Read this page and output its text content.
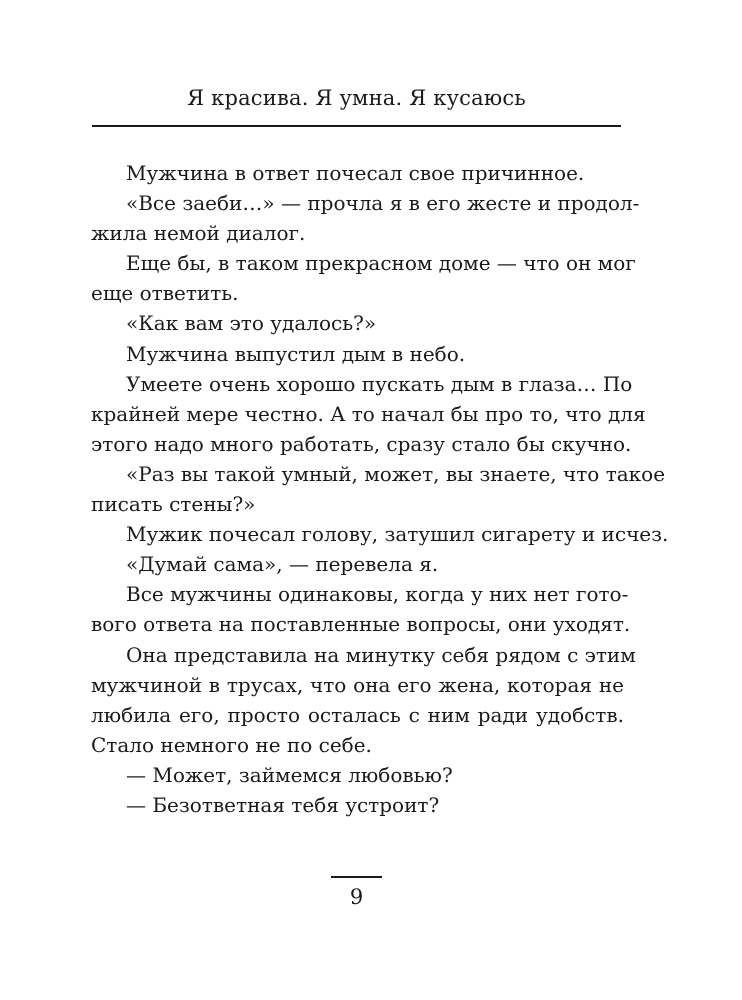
Я красива. Я умна. Я кусаюсь
Мужчина в ответ почесал свое причинное.
«Все заеби…» — прочла я в его жесте и продол-
жила немой диалог.
Еще бы, в таком прекрасном доме — что он мог
еще ответить.
«Как вам это удалось?»
Мужчина выпустил дым в небо.
Умеете очень хорошо пускать дым в глаза… По
крайней мере честно. А то начал бы про то, что для
этого надо много работать, сразу стало бы скучно.
«Раз вы такой умный, может, вы знаете, что такое
писать стены?»
Мужик почесал голову, затушил сигарету и исчез.
«Думай сама», — перевела я.
Все мужчины одинаковы, когда у них нет гото-
вого ответа на поставленные вопросы, они уходят.
Она представила на минутку себя рядом с этим
мужчиной в трусах, что она его жена, которая не
любила его, просто осталась с ним ради удобств.
Стало немного не по себе.
— Может, займемся любовью?
— Безответная тебя устроит?
9
